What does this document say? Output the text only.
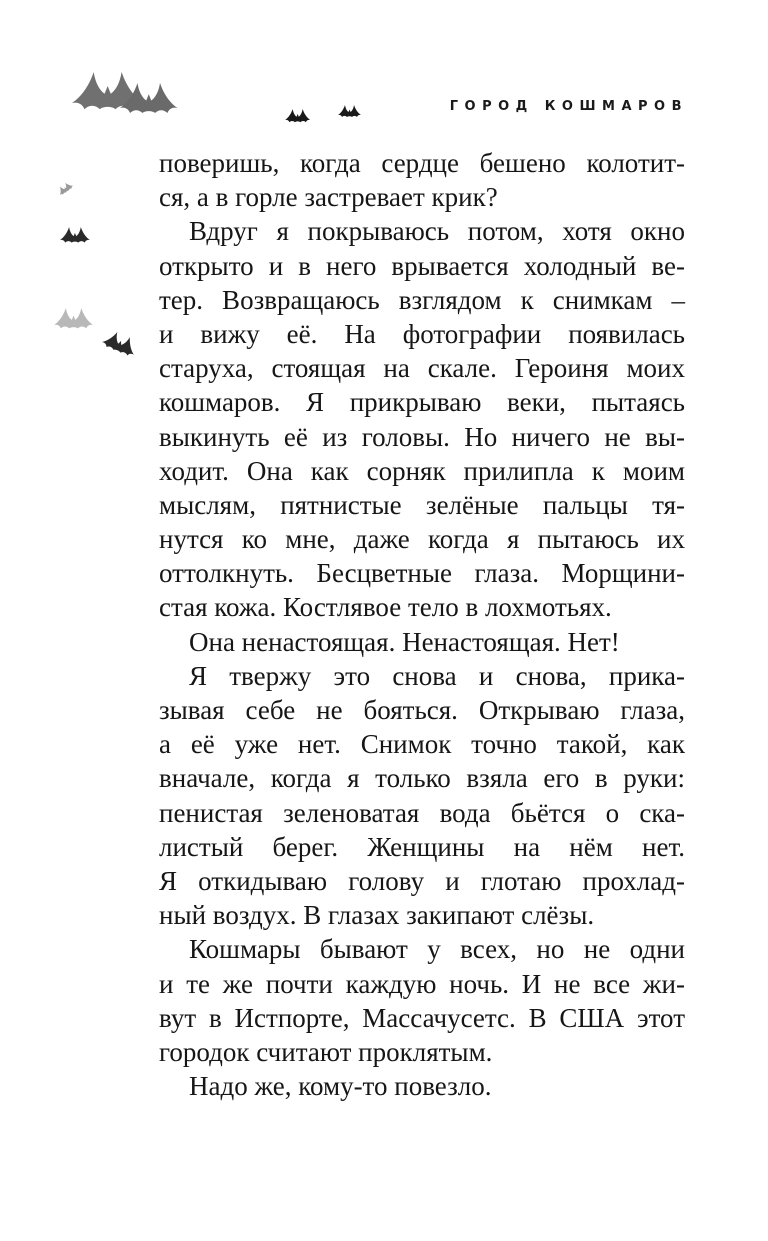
ГОРОД КОШМАРОВ
поверишь, когда сердце бешено колотит-
ся, а в горле застревает крик?
Вдруг я покрываюсь потом, хотя окно
открыто и в него врывается холодный ве-
тер. Возвращаюсь взглядом к снимкам –
и вижу её. На фотографии появилась
старуха, стоящая на скале. Героиня моих
кошмаров. Я прикрываю веки, пытаясь
выкинуть её из головы. Но ничего не вы-
ходит. Она как сорняк прилипла к моим
мыслям, пятнистые зелёные пальцы тя-
нутся ко мне, даже когда я пытаюсь их
оттолкнуть. Бесцветные глаза. Морщини-
стая кожа. Костлявое тело в лохмотьях.
Она ненастоящая. Ненастоящая. Нет!
Я твержу это снова и снова, прика-
зывая себе не бояться. Открываю глаза,
а её уже нет. Снимок точно такой, как
вначале, когда я только взяла его в руки:
пенистая зеленоватая вода бьётся о ска-
листый берег. Женщины на нём нет.
Я откидываю голову и глотаю прохлад-
ный воздух. В глазах закипают слёзы.
Кошмары бывают у всех, но не одни
и те же почти каждую ночь. И не все жи-
вут в Истпорте, Массачусетс. В США этот
городок считают проклятым.
Надо же, кому-то повезло.
